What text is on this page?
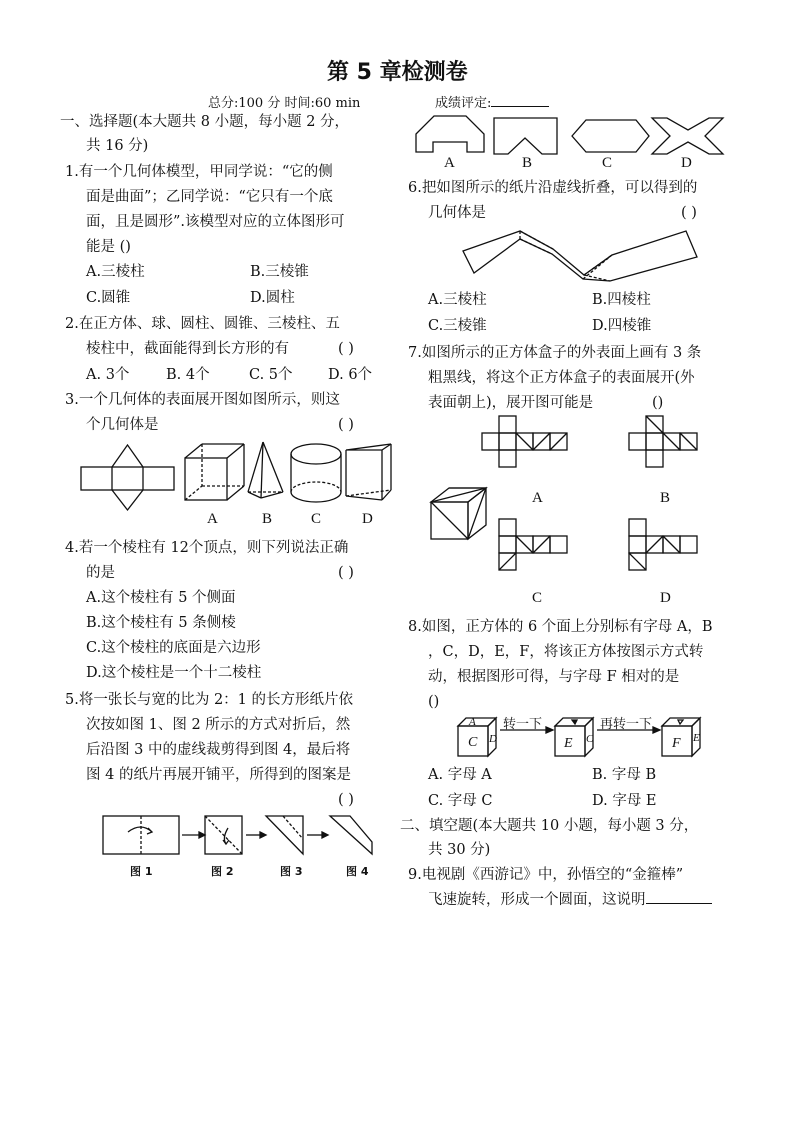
第 5 章检测卷
总分:100 分 时间:60 min	成绩评定:
一、选择题(本大题共 8 小题，每小题 2 分，
共 16 分)
1.有一个几何体模型，甲同学说：“它的侧
面是曲面”；乙同学说：“它只有一个底
面，且是圆形”.该模型对应的立体图形可
能是 ()
A.三棱柱	B.三棱锥
C.圆锥	D.圆柱
2.在正方体、球、圆柱、圆锥、三棱柱、五
棱柱中，截面能得到长方形的有	( )
A. 3个	B. 4个	C. 5个 D. 6个
3.一个几何体的表面展开图如图所示，则这
个几何体是	( )
A	B	C	D
4.若一个棱柱有 12个顶点，则下列说法正确
的是	( )
A.这个棱柱有 5 个侧面
B.这个棱柱有 5 条侧棱
C.这个棱柱的底面是六边形
D.这个棱柱是一个十二棱柱
5.将一张长与宽的比为 2：1 的长方形纸片依
次按如图 1、图 2 所示的方式对折后，然
后沿图 3 中的虚线裁剪得到图 4，最后将
图 4 的纸片再展开铺平，所得到的图案是
( )
图 1	图 2	图 3	图 4
A	B	C	D
6.把如图所示的纸片沿虚线折叠，可以得到的
几何体是	( )
A.三棱柱	B.四棱柱
C.三棱锥	D.四棱锥
7.如图所示的正方体盒子的外表面上画有 3 条
粗黑线，将这个正方体盒子的表面展开(外
表面朝上)，展开图可能是	()
A	B
C	D
8.如图，正方体的 6 个面上分别标有字母 A，B
，C，D，E，F，将该正方体按图示方式转
动，根据图形可得，与字母 F 相对的是
()
A
C D	E C	F E
转一下	再转一下
A. 字母 A	B. 字母 B
C. 字母 C	D. 字母 E
二、填空题(本大题共 10 小题，每小题 3 分，
共 30 分)
9.电视剧《西游记》中，孙悟空的“金箍棒”
飞速旋转，形成一个圆面，这说明
